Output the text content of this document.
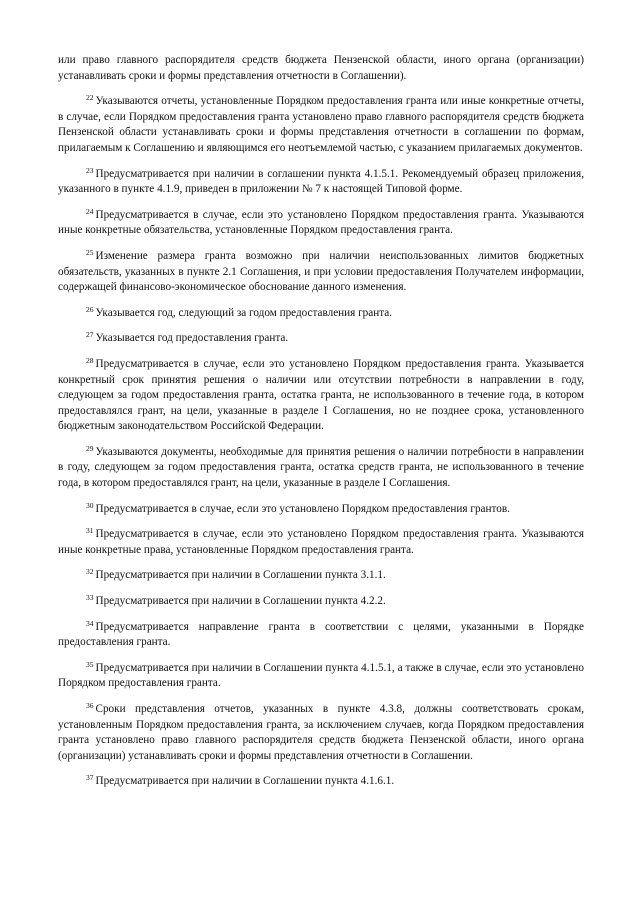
или право главного распорядителя средств бюджета Пензенской области, иного органа (организации) устанавливать сроки и формы представления отчетности в Соглашении).

$^{22}$ Указываются отчеты, установленные Порядком предоставления гранта или иные конкретные отчеты, в случае, если Порядком предоставления гранта установлено право главного распорядителя средств бюджета Пензенской области устанавливать сроки и формы представления отчетности в соглашении по формам, прилагаемым к Соглашению и являющимся его неотъемлемой частью, с указанием прилагаемых документов.

$^{23}$ Предусматривается при наличии в соглашении пункта 4.1.5.1. Рекомендуемый образец приложения, указанного в пункте 4.1.9, приведен в приложении № 7 к настоящей Типовой форме.

$^{24}$ Предусматривается в случае, если это установлено Порядком предоставления гранта. Указываются иные конкретные обязательства, установленные Порядком предоставления гранта.

$^{25}$ Изменение размера гранта возможно при наличии неиспользованных лимитов бюджетных обязательств, указанных в пункте 2.1 Соглашения, и при условии предоставления Получателем информации, содержащей финансово-экономическое обоснование данного изменения.

$^{26}$ Указывается год, следующий за годом предоставления гранта.

$^{27}$ Указывается год предоставления гранта.

$^{28}$ Предусматривается в случае, если это установлено Порядком предоставления гранта. Указывается конкретный срок принятия решения о наличии или отсутствии потребности в направлении в году, следующем за годом предоставления гранта, остатка гранта, не использованного в течение года, в котором предоставлялся грант, на цели, указанные в разделе I Соглашения, но не позднее срока, установленного бюджетным законодательством Российской Федерации.

$^{29}$ Указываются документы, необходимые для принятия решения о наличии потребности в направлении в году, следующем за годом предоставления гранта, остатка средств гранта, не использованного в течение года, в котором предоставлялся грант, на цели, указанные в разделе I Соглашения.

$^{30}$ Предусматривается в случае, если это установлено Порядком предоставления грантов.

$^{31}$ Предусматривается в случае, если это установлено Порядком предоставления гранта. Указываются иные конкретные права, установленные Порядком предоставления гранта.

$^{32}$ Предусматривается при наличии в Соглашении пункта 3.1.1.

$^{33}$ Предусматривается при наличии в Соглашении пункта 4.2.2.

$^{34}$ Предусматривается направление гранта в соответствии с целями, указанными в Порядке предоставления гранта.

$^{35}$ Предусматривается при наличии в Соглашении пункта 4.1.5.1, а также в случае, если это установлено Порядком предоставления гранта.

$^{36}$ Сроки представления отчетов, указанных в пункте 4.3.8, должны соответствовать срокам, установленным Порядком предоставления гранта, за исключением случаев, когда Порядком предоставления гранта установлено право главного распорядителя средств бюджета Пензенской области, иного органа (организации) устанавливать сроки и формы представления отчетности в Соглашении.

$^{37}$ Предусматривается при наличии в Соглашении пункта 4.1.6.1.
